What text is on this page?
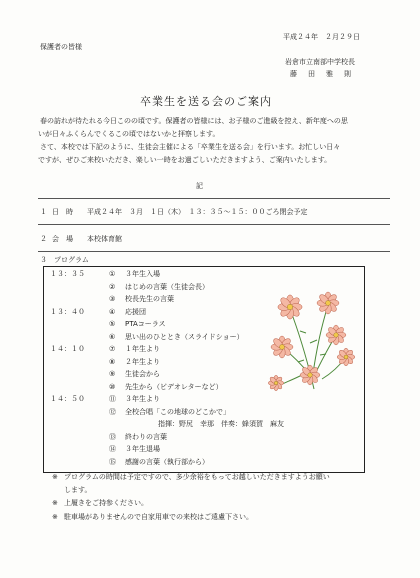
平成２４年　２月２９日
保護者の皆様
岩倉市立南部中学校長
藤　田　雅　則
卒業生を送る会のご案内
春の訪れが待たれる今日このの頃です。保護者の皆様には、お子様のご進級を控え、新年度への思
いが日々ふくらんでくるこの頃ではないかと拝察します。
さて、本校では下記のように、生徒会主催による「卒業生を送る会」を行います。お忙しい日々
ですが、ぜひご来校いただき、楽しい一時をお過ごしいただきますよう、ご案内いたします。
記
１ 日　時 平成２４年　３月　１日（木）　１３：３５～１５：００ごろ閉会予定
２ 会　場 本校体育館
３　プログラム
１３：３５	① ３年生入場
② はじめの言葉（生徒会長）
③ 校長先生の言葉
１３：４０	④ 応援団
⑤ PTAコーラス
⑥ 思い出のひととき（スライドショー）
１４：１０	⑦ １年生より
⑧ ２年生より
⑨ 生徒会から
⑩ 先生から（ビデオレターなど）
１４：５０	⑪ ３年生より
⑫ 全校合唱「この地球のどこかで」
指揮：野尻　幸那　伴奏：蜂須賀　麻友
⑬ 終わりの言葉
⑭ ３年生退場
⑮ 感謝の言葉（執行部から）
※ プログラムの時間は予定ですので、多少余裕をもってお越しいただきますようお願い
します。
※ 上履きをご持参ください。
※ 駐車場がありませんので自家用車での来校はご遠慮下さい。
